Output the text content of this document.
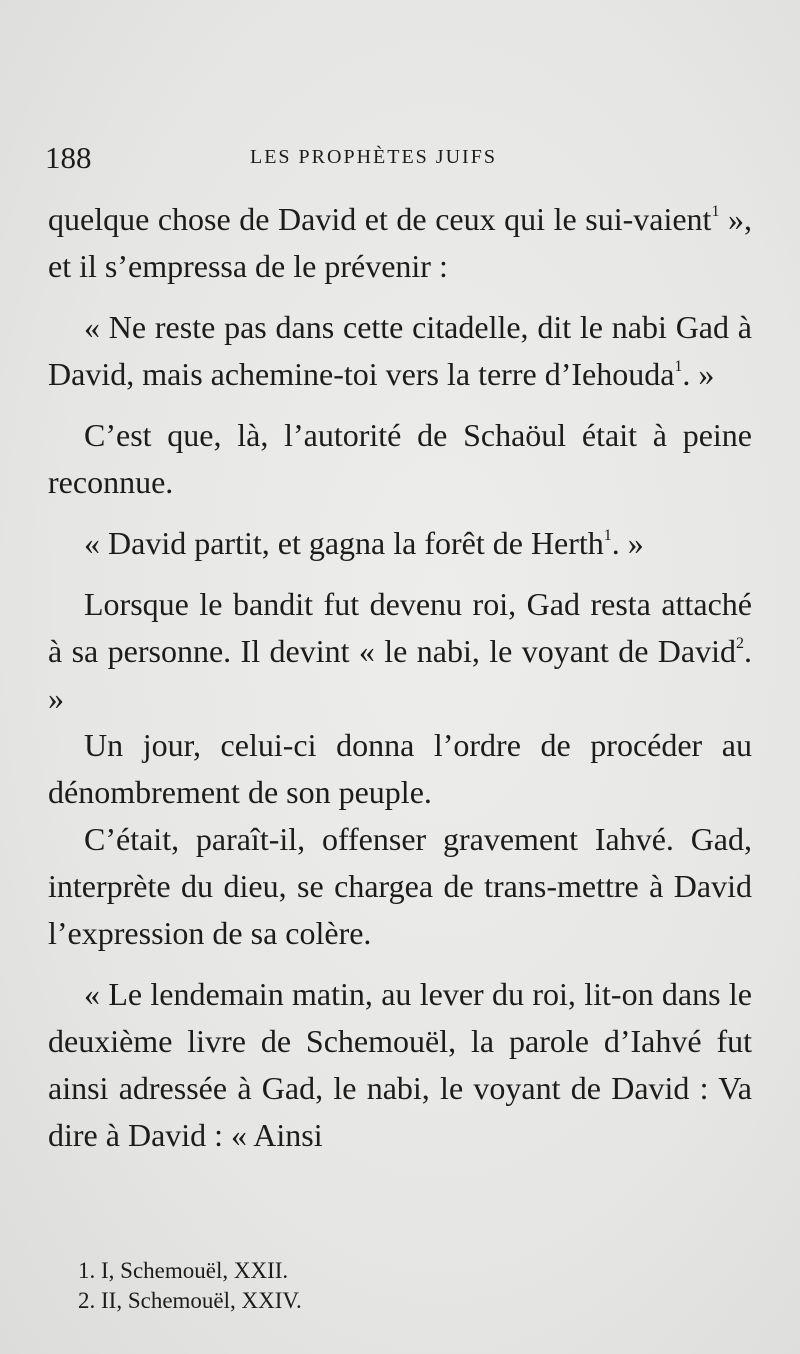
188	LES PROPHÈTES JUIFS

quelque chose de David et de ceux qui le sui-vaient$^1$ », et il s’empressa de le prévenir :

« Ne reste pas dans cette citadelle, dit le nabi Gad à David, mais achemine-toi vers la terre d’Iehouda$^1$. »

C’est que, là, l’autorité de Schaöul était à peine reconnue.

« David partit, et gagna la forêt de Herth$^1$. »

Lorsque le bandit fut devenu roi, Gad resta attaché à sa personne. Il devint « le nabi, le voyant de David$^2$. »

Un jour, celui-ci donna l’ordre de procéder au dénombrement de son peuple.

C’était, paraît-il, offenser gravement Iahvé. Gad, interprète du dieu, se chargea de trans-mettre à David l’expression de sa colère.

« Le lendemain matin, au lever du roi, lit-on dans le deuxième livre de Schemouël, la parole d’Iahvé fut ainsi adressée à Gad, le nabi, le voyant de David : Va dire à David : « Ainsi

1. I, Schemouël, XXII.
2. II, Schemouël, XXIV.
